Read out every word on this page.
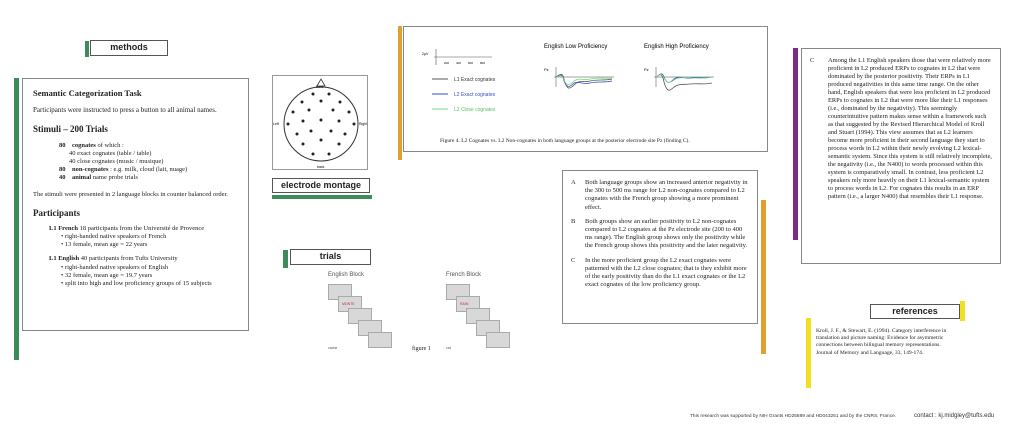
methods
Semantic Categorization Task
Participants were instructed to press a button to all animal names.
Stimuli – 200 Trials
80 cognates of which :
40 exact cognates (table / table)
40 close cognates (music / musique)
80 non-cognates : e.g. milk, cloud (lait, nuage)
40 animal name probe trials
The stimuli were presented in 2 language blocks in counter balanced order.
Participants
L1 French 18 participants from the Université de Provence
• right-handed native speakers of French
• 13 female, mean age = 22 years
L1 English 40 participants from Tufts University
• right-handed native speakers of English
• 32 female, mean age = 19.7 years
• split into high and low proficiency groups of 15 subjects
front
back
Left	Right
electrode montage
trials
English Block
MONTE
vache
French Block
RAIN
cat
figure 1
2µV
200 400 600 800
L1 Exact cognates
L2 Exact cognates
L2 Close cognates
English Low Proficiency	English High Proficiency
Pz	Pz
Figure 4. L2 Cognates vs. L2 Non-cognates in both language groups at the posterior electrode site Pz (finding C).
A	Both language groups show an increased anterior negativity in the 300 to 500 ms range for L2 non-cognates compared to L2 cognates with the French group showing a more prominent effect.
B	Both groups show an earlier positivity to L2 non-cognates compared to L2 cognates at the Pz electrode site (200 to 400 ms range). The English group shows only the positivity while the French group shows this positivity and the later negativity.
C	In the more proficient group the L2 exact cognates were patterned with the L2 close cognates; that is they exhibit more of the early positivity than do the L1 exact cognates or the L2 exact cognates of the low proficiency group.
C	Among the L1 English speakers those that were relatively more proficient in L2 produced ERPs to cognates in L2 that were dominated by the posterior positivity. Their ERPs in L1 produced negativities in this same time range. On the other hand, English speakers that were less proficient in L2 produced ERPs to cognates in L2 that were more like their L1 responses (i.e., dominated by the negativity). This seemingly counterintuitive pattern makes sense within a framework such as that suggested by the Revised Hierarchical Model of Kroll and Stuart (1994). This view assumes that as L2 learners become more proficient in their second language they start to process words in L2 within their newly evolving L2 lexical-semantic system. Since this system is still relatively incomplete, the negativity (i.e., the N400) to words processed within this system is comparatively small. In contrast, less proficient L2 speakers rely more heavily on their L1 lexical-semantic system to process words in L2. For cognates this results in an ERP pattern (i.e., a larger N400) that resembles their L1 response.
references
Kroll, J. F., & Stewart, E. (1994). Category interference in translation and picture naming: Evidence for asymmetric connections between bilingual memory representations. Journal of Memory and Language, 33, 149-174.
This research was supported by NIH Grants HD25889 and HD043251 and by the CNRS, France.	contact : kj.midgley@tufts.edu
